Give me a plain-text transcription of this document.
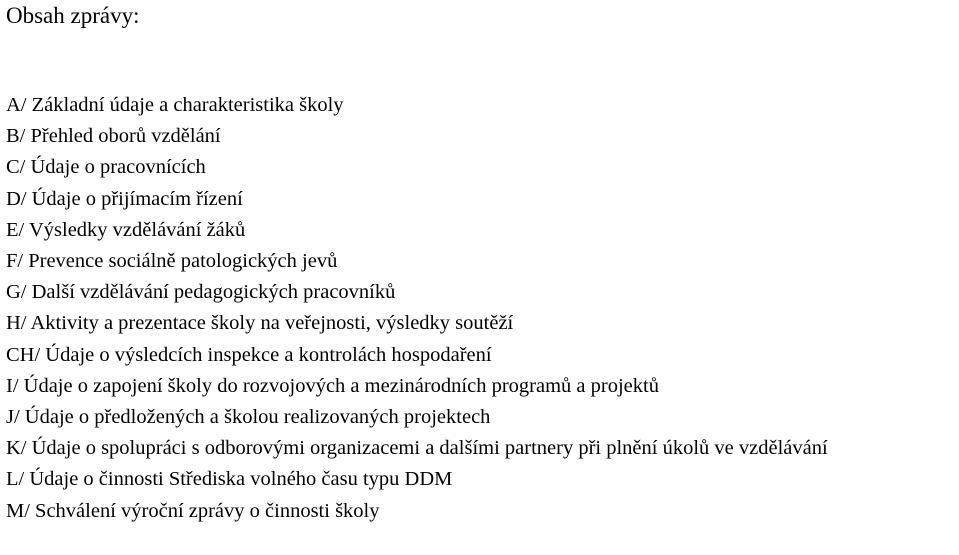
Obsah zprávy:
A/ Základní údaje a charakteristika školy
B/ Přehled oborů vzdělání
C/ Údaje o pracovnících
D/ Údaje o přijímacím řízení
E/ Výsledky vzdělávání žáků
F/ Prevence sociálně patologických jevů
G/ Další vzdělávání pedagogických pracovníků
H/ Aktivity a prezentace školy na veřejnosti, výsledky soutěží
CH/ Údaje o výsledcích inspekce a kontrolách hospodaření
I/ Údaje o zapojení školy do rozvojových a mezinárodních programů a projektů
J/ Údaje o předložených a školou realizovaných projektech
K/ Údaje o spolupráci s odborovými organizacemi a dalšími partnery při plnění úkolů ve vzdělávání
L/ Údaje o činnosti Střediska volného času typu DDM
M/ Schválení výroční zprávy o činnosti školy
